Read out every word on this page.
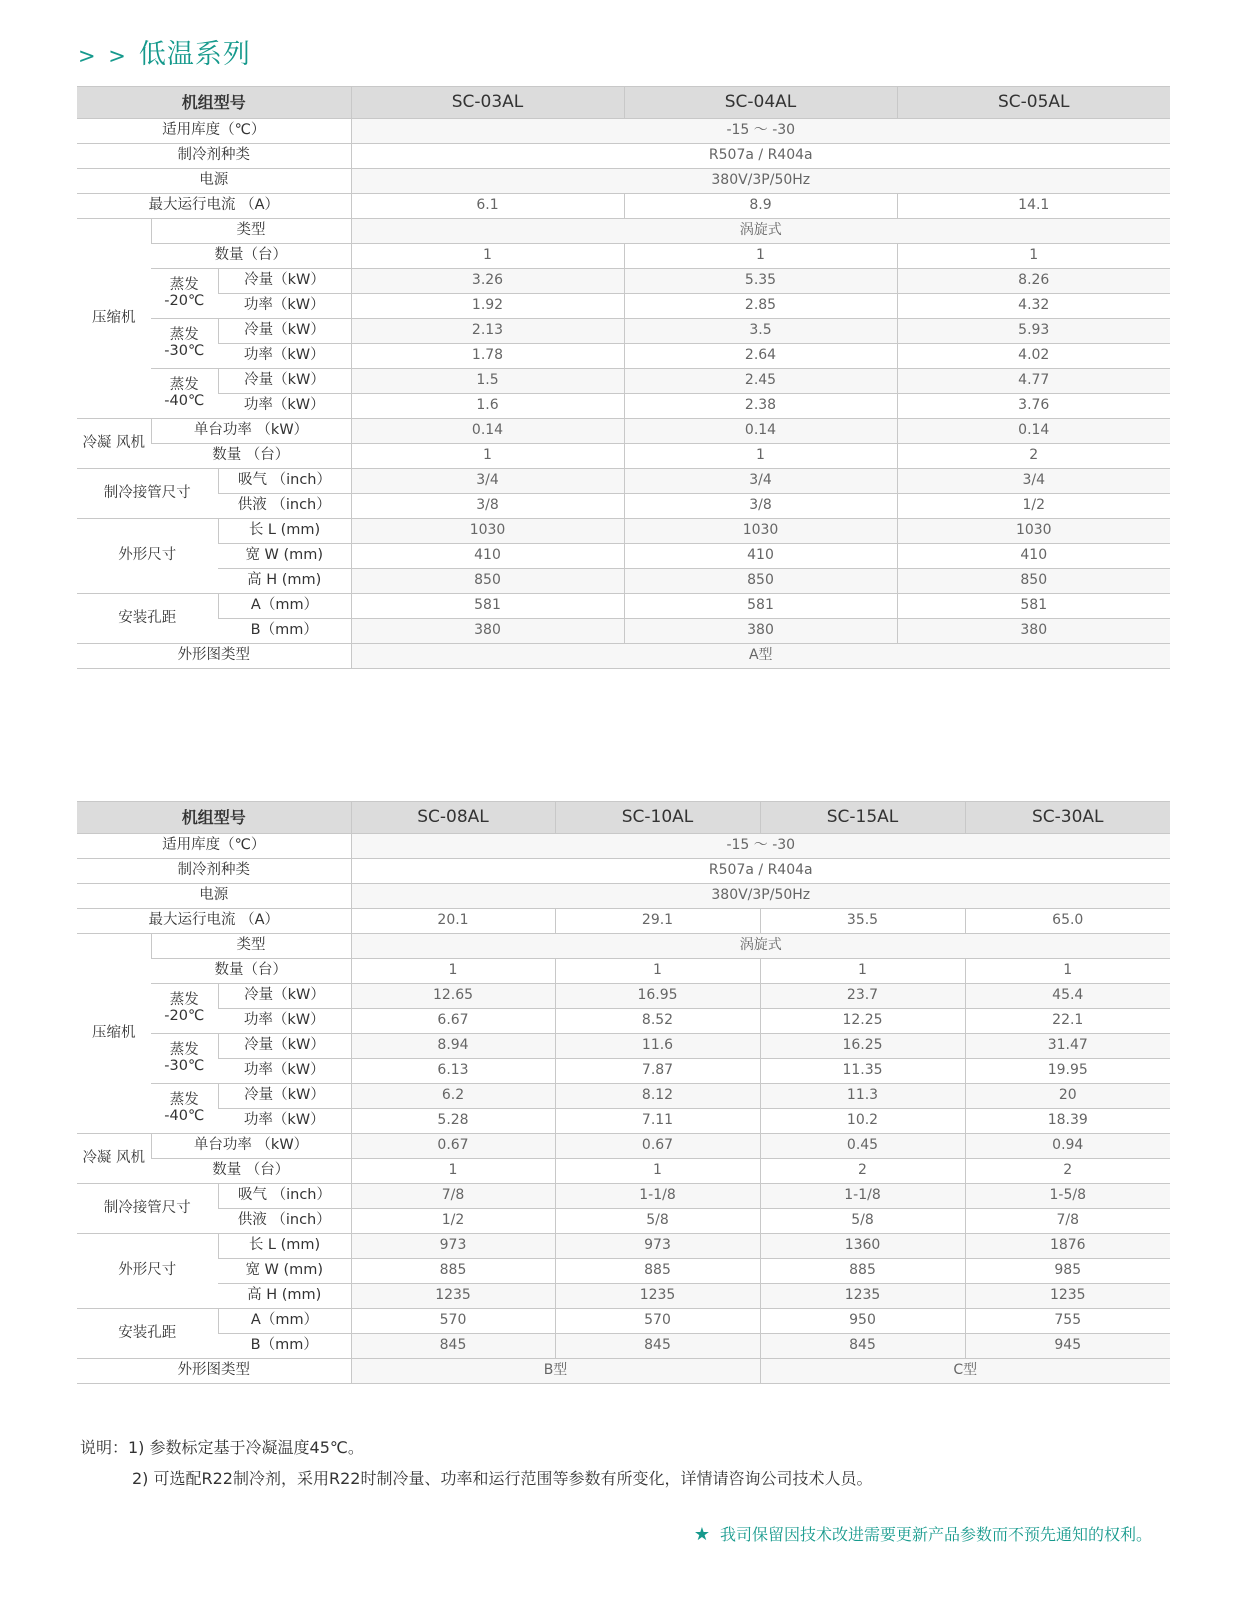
> > 低温系列
机组型号			SC-03AL	SC-04AL	SC-05AL
适用库度（℃）			-15 ～ -30		
制冷剂种类			R507a / R404a		
电源			380V/3P/50Hz		
最大运行电流 （A）			6.1	8.9	14.1
压缩机	类型		涡旋式		
	数量（台）		1	1	1
	蒸发 -20℃	冷量（kW）	3.26	5.35	8.26
		功率（kW）	1.92	2.85	4.32
	蒸发 -30℃	冷量（kW）	2.13	3.5	5.93
		功率（kW）	1.78	2.64	4.02
	蒸发 -40℃	冷量（kW）	1.5	2.45	4.77
		功率（kW）	1.6	2.38	3.76
冷凝 风机	单台功率 （kW）		0.14	0.14	0.14
	数量 （台）		1	1	2
制冷接管尺寸		吸气 （inch）	3/4	3/4	3/4
		供液 （inch）	3/8	3/8	1/2
外形尺寸		长 L (mm)	1030	1030	1030
		宽 W (mm)	410	410	410
		高 H (mm)	850	850	850
安装孔距		A（mm）	581	581	581
		B（mm）	380	380	380
外形图类型			A型		
机组型号			SC-08AL	SC-10AL	SC-15AL	SC-30AL
适用库度（℃）			-15 ～ -30			
制冷剂种类			R507a / R404a			
电源			380V/3P/50Hz			
最大运行电流 （A）			20.1	29.1	35.5	65.0
压缩机	类型		涡旋式			
	数量（台）		1	1	1	1
	蒸发 -20℃	冷量（kW）	12.65	16.95	23.7	45.4
		功率（kW）	6.67	8.52	12.25	22.1
	蒸发 -30℃	冷量（kW）	8.94	11.6	16.25	31.47
		功率（kW）	6.13	7.87	11.35	19.95
	蒸发 -40℃	冷量（kW）	6.2	8.12	11.3	20
		功率（kW）	5.28	7.11	10.2	18.39
冷凝 风机	单台功率 （kW）		0.67	0.67	0.45	0.94
	数量 （台）		1	1	2	2
制冷接管尺寸		吸气 （inch）	7/8	1-1/8	1-1/8	1-5/8
		供液 （inch）	1/2	5/8	5/8	7/8
外形尺寸		长 L (mm)	973	973	1360	1876
		宽 W (mm)	885	885	885	985
		高 H (mm)	1235	1235	1235	1235
安装孔距		A（mm）	570	570	950	755
		B（mm）	845	845	845	945
外形图类型			B型		C型	
说明：1) 参数标定基于冷凝温度45℃。
2) 可选配R22制冷剂，采用R22时制冷量、功率和运行范围等参数有所变化，详情请咨询公司技术人员。
★ 我司保留因技术改进需要更新产品参数而不预先通知的权利。
